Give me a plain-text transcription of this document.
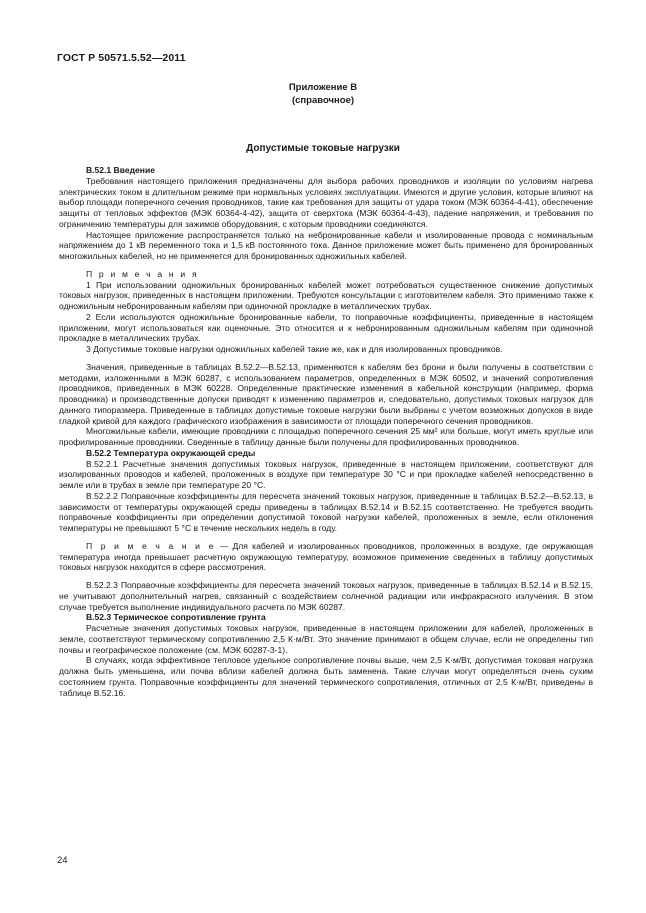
ГОСТ Р 50571.5.52—2011
Приложение В
(справочное)
Допустимые токовые нагрузки

В.52.1 Введение

Требования настоящего приложения предназначены для выбора рабочих проводников и изоляции по условиям нагрева электрических током в длительном режиме при нормальных условиях эксплуатации. Имеются и другие условия, которые влияют на выбор площади поперечного сечения проводников, такие как требования для защиты от удара током (МЭК 60364-4-41), обеспечение защиты от тепловых эффектов (МЭК 60364-4-42), защита от сверхтока (МЭК 60364-4-43), падение напряжения, и требования по ограничению температуры для зажимов оборудования, с которым проводники соединяются.

Настоящее приложение распространяется только на небронированные кабели и изолированные провода с номинальным напряжением до 1 кВ переменного тока и 1,5 кВ постоянного тока. Данное приложение может быть применено для бронированных многожильных кабелей, но не применяется для бронированных одножильных кабелей.

П р и м е ч а н и я

1 При использовании одножильных бронированных кабелей может потребоваться существенное снижение допустимых токовых нагрузок, приведенных в настоящем приложении. Требуются консультации с изготовителем кабеля. Это применимо также к одножильным небронированным кабелям при одиночной прокладке в металлических трубах.

2 Если используются одножильные бронированные кабели, то поправочные коэффициенты, приведенные в настоящем приложении, могут использоваться как оценочные. Это относится и к небронированным одножильным кабелям при одиночной прокладке в металлических трубах.

3 Допустимые токовые нагрузки одножильных кабелей такие же, как и для изолированных проводников.

Значения, приведенные в таблицах В.52.2—В.52.13, применяются к кабелям без брони и были получены в соответствии с методами, изложенными в МЭК 60287, с использованием параметров, определенных в МЭК 60502, и значений сопротивления проводников, приведенных в МЭК 60228. Определенные практические изменения в кабельной конструкции (например, форма проводника) и производственные допуски приводят к изменению параметров и, следовательно, допустимых токовых нагрузок для данного типоразмера. Приведенные в таблицах допустимые токовые нагрузки были выбраны с учетом возможных допусков в виде гладкой кривой для каждого графического изображения в зависимости от площади поперечного сечения проводников.

Многожильные кабели, имеющие проводники с площадью поперечного сечения 25 мм² или больше, могут иметь круглые или профилированные проводники. Сведенные в таблицу данные были получены для профилированных проводников.

В.52.2 Температура окружающей среды

В.52.2.1 Расчетные значения допустимых токовых нагрузок, приведенные в настоящем приложении, соответствуют для изолированных проводов и кабелей, проложенных в воздухе при температуре 30 °С и при прокладке кабелей непосредственно в земле или в трубах в земле при температуре 20 °С.

В.52.2.2 Поправочные коэффициенты для пересчета значений токовых нагрузок, приведенные в таблицах В.52.2—В.52.13, в зависимости от температуры окружающей среды приведены в таблицах В.52.14 и В.52.15 соответственно. Не требуется вводить поправочные коэффициенты при определении допустимой токовой нагрузки кабелей, проложенных в земле, если отклонения температуры не превышают 5 °С в течение нескольких недель в году.

П р и м е ч а н и е — Для кабелей и изолированных проводников, проложенных в воздухе, где окружающая температура иногда превышает расчетную окружающую температуру, возможное применение сведенных в таблицу допустимых токовых нагрузок находится в сфере рассмотрения.

В.52.2.3 Поправочные коэффициенты для пересчета значений токовых нагрузок, приведенные в таблицах В.52.14 и В.52.15, не учитывают дополнительный нагрев, связанный с воздействием солнечной радиации или инфракрасного излучения. В этом случае требуется выполнение индивидуального расчета по МЭК 60287.

В.52.3 Термическое сопротивление грунта

Расчетные значения допустимых токовых нагрузок, приведенные в настоящем приложении для кабелей, проложенных в земле, соответствуют термическому сопротивлению 2,5 К·м/Вт. Это значение принимают в общем случае, если не определены тип почвы и географическое положение (см. МЭК 60287-3-1).

В случаях, когда эффективное тепловое удельное сопротивление почвы выше, чем 2,5 К·м/Вт, допустимая токовая нагрузка должна быть уменьшена, или почва вблизи кабелей должна быть заменена. Такие случаи могут определяться очень сухим состоянием грунта. Поправочные коэффициенты для значений термического сопротивления, отличных от 2,5 К·м/Вт, приведены в таблице В.52.16.

24
